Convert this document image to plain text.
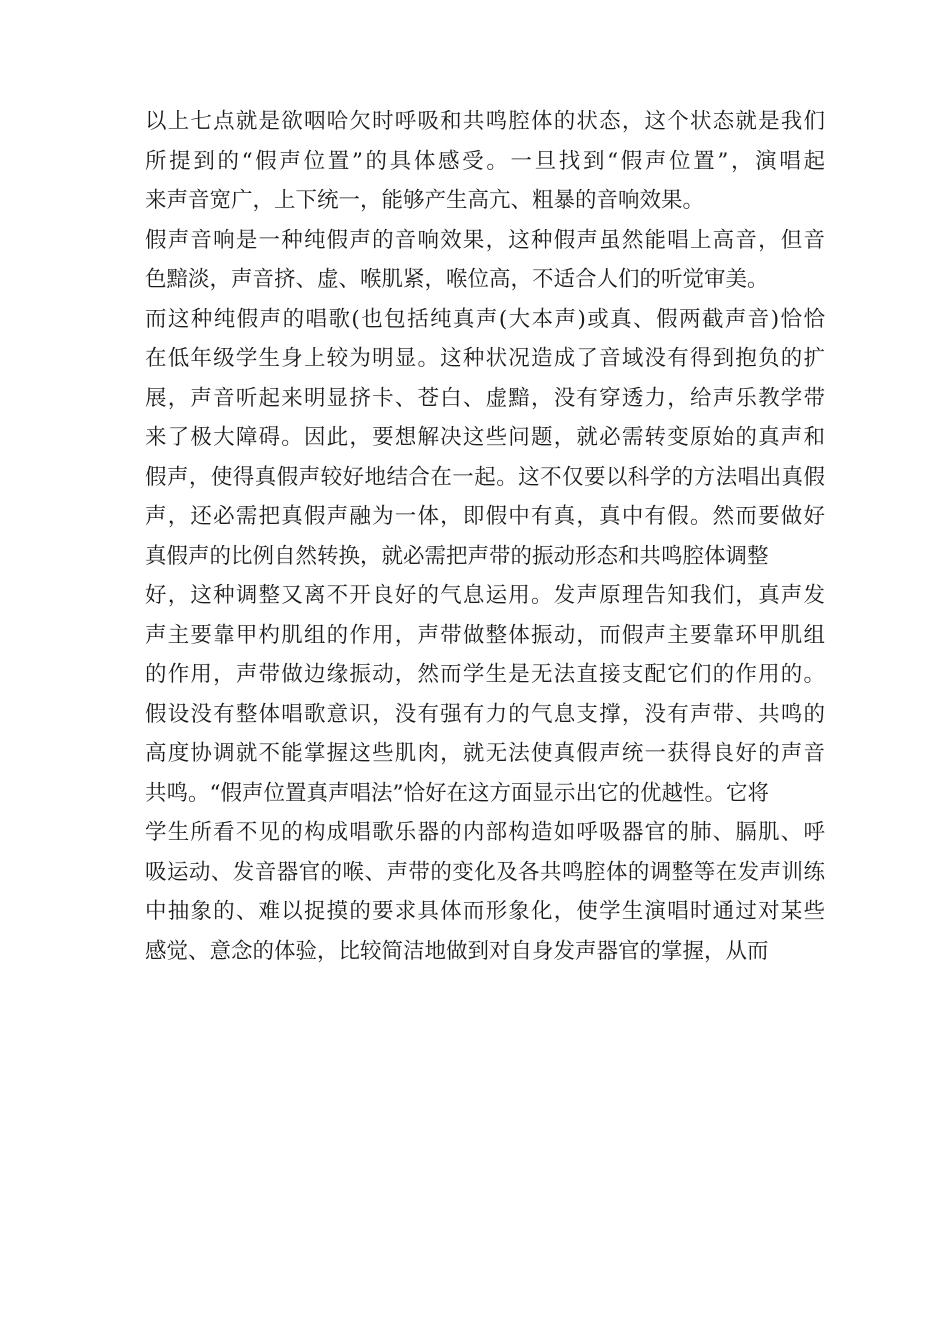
以上七点就是欲咽哈欠时呼吸和共鸣腔体的状态，这个状态就是我们
所提到的“假声位置”的具体感受。一旦找到“假声位置”，演唱起
来声音宽广，上下统一，能够产生高亢、粗暴的音响效果。
假声音响是一种纯假声的音响效果，这种假声虽然能唱上高音，但音
色黯淡，声音挤、虚、喉肌紧，喉位高，不适合人们的听觉审美。
而这种纯假声的唱歌(也包括纯真声(大本声)或真、假两截声音)恰恰
在低年级学生身上较为明显。这种状况造成了音域没有得到抱负的扩
展，声音听起来明显挤卡、苍白、虚黯，没有穿透力，给声乐教学带
来了极大障碍。因此，要想解决这些问题，就必需转变原始的真声和
假声，使得真假声较好地结合在一起。这不仅要以科学的方法唱出真假
声，还必需把真假声融为一体，即假中有真，真中有假。然而要做好
真假声的比例自然转换，就必需把声带的振动形态和共鸣腔体调整
好，这种调整又离不开良好的气息运用。发声原理告知我们，真声发
声主要靠甲杓肌组的作用，声带做整体振动，而假声主要靠环甲肌组
的作用，声带做边缘振动，然而学生是无法直接支配它们的作用的。
假设没有整体唱歌意识，没有强有力的气息支撑，没有声带、共鸣的
高度协调就不能掌握这些肌肉，就无法使真假声统一获得良好的声音
共鸣。“假声位置真声唱法”恰好在这方面显示出它的优越性。它将
学生所看不见的构成唱歌乐器的内部构造如呼吸器官的肺、膈肌、呼
吸运动、发音器官的喉、声带的变化及各共鸣腔体的调整等在发声训练
中抽象的、难以捉摸的要求具体而形象化，使学生演唱时通过对某些
感觉、意念的体验，比较简洁地做到对自身发声器官的掌握，从而
